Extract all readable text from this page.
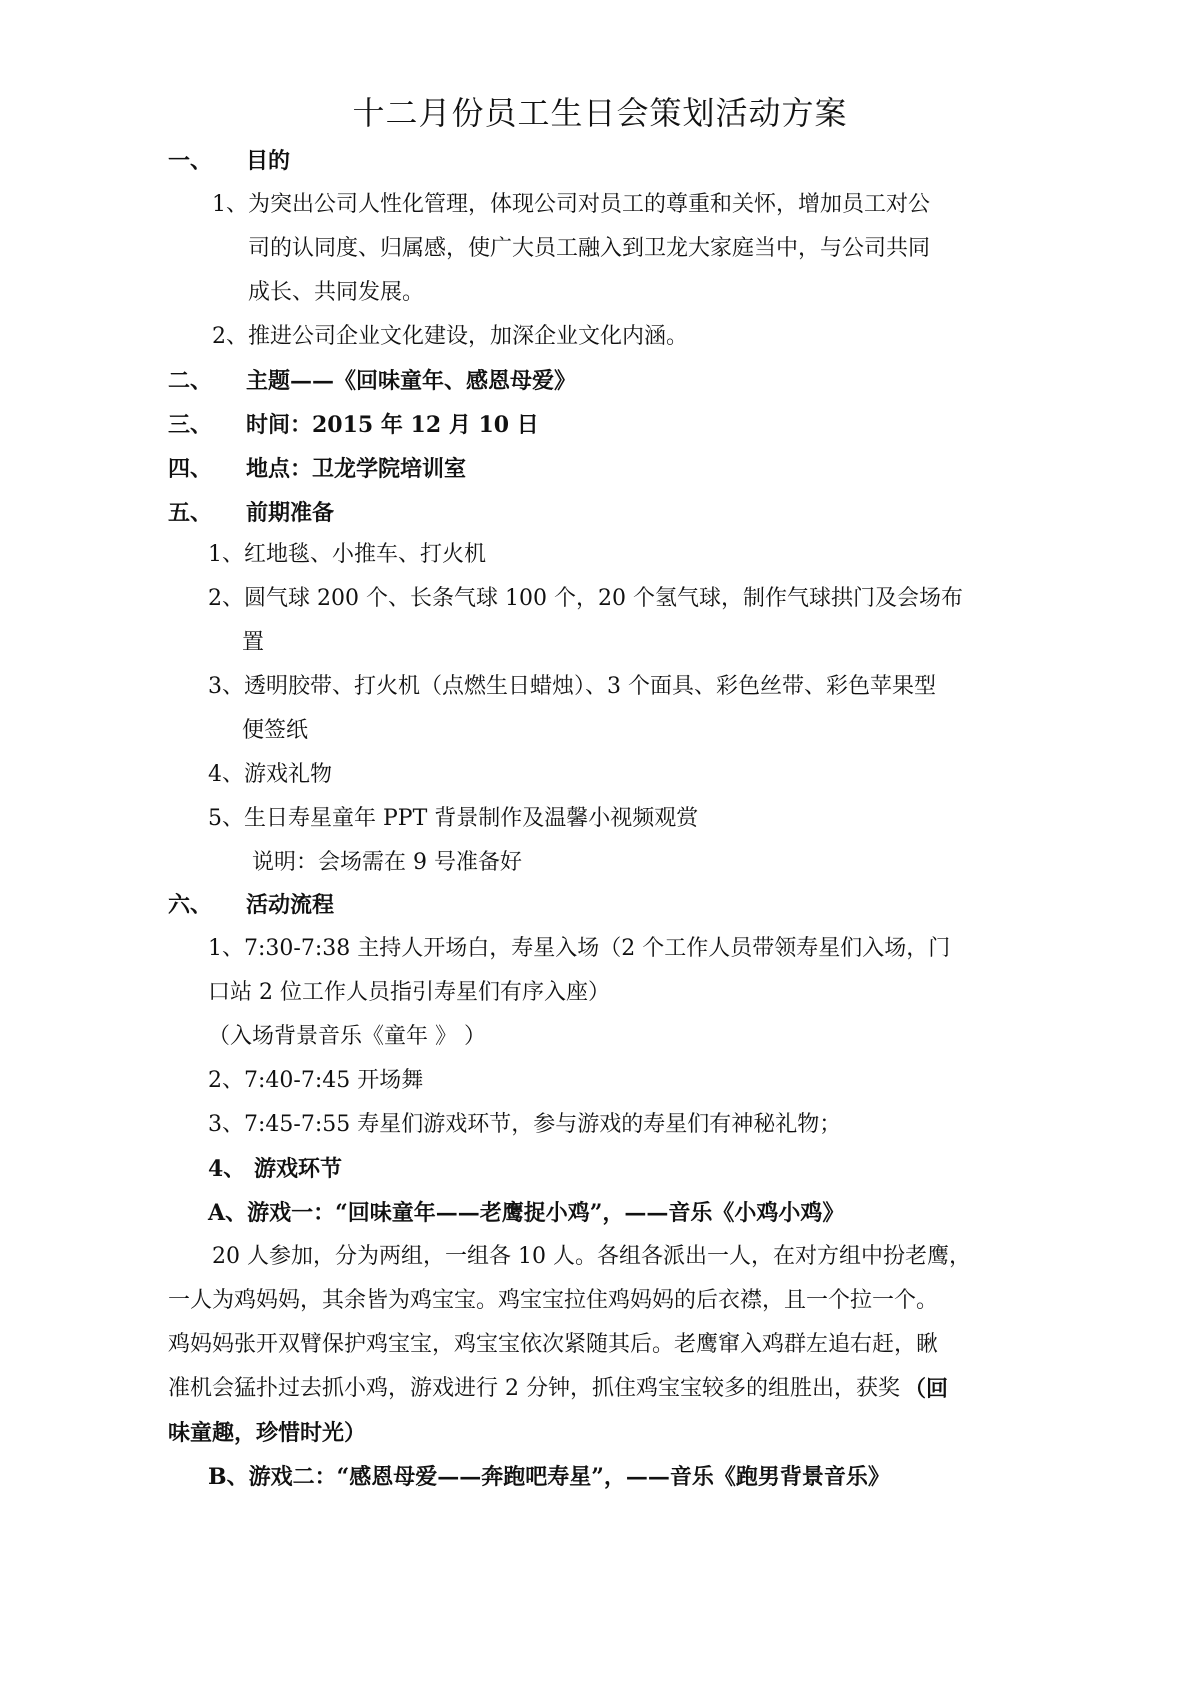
十二月份员工生日会策划活动方案
一、 目的
1、为突出公司人性化管理，体现公司对员工的尊重和关怀，增加员工对公
司的认同度、归属感，使广大员工融入到卫龙大家庭当中，与公司共同
成长、共同发展。
2、推进公司企业文化建设，加深企业文化内涵。
二、 主题——《回味童年、感恩母爱》
三、 时间：2015 年 12 月 10 日
四、 地点：卫龙学院培训室
五、 前期准备
1、红地毯、小推车、打火机
2、圆气球 200 个、长条气球 100 个，20 个氢气球，制作气球拱门及会场布
置
3、透明胶带、打火机（点燃生日蜡烛）、3 个面具、彩色丝带、彩色苹果型
便签纸
4、游戏礼物
5、生日寿星童年 PPT 背景制作及温馨小视频观赏
说明：会场需在 9 号准备好
六、 活动流程
1、7:30-7:38 主持人开场白，寿星入场（2 个工作人员带领寿星们入场，门
口站 2 位工作人员指引寿星们有序入座）
（入场背景音乐《童年 》 ）
2、7:40-7:45 开场舞
3、7:45-7:55 寿星们游戏环节，参与游戏的寿星们有神秘礼物；
4、 游戏环节
A、游戏一：“回味童年——老鹰捉小鸡”，——音乐《小鸡小鸡》
20 人参加，分为两组，一组各 10 人。各组各派出一人，在对方组中扮老鹰，
一人为鸡妈妈，其余皆为鸡宝宝。鸡宝宝拉住鸡妈妈的后衣襟，且一个拉一个。
鸡妈妈张开双臂保护鸡宝宝，鸡宝宝依次紧随其后。老鹰窜入鸡群左追右赶，瞅
准机会猛扑过去抓小鸡，游戏进行 2 分钟，抓住鸡宝宝较多的组胜出，获奖 （回
味童趣，珍惜时光）
B、游戏二：“感恩母爱——奔跑吧寿星”，——音乐《跑男背景音乐》
